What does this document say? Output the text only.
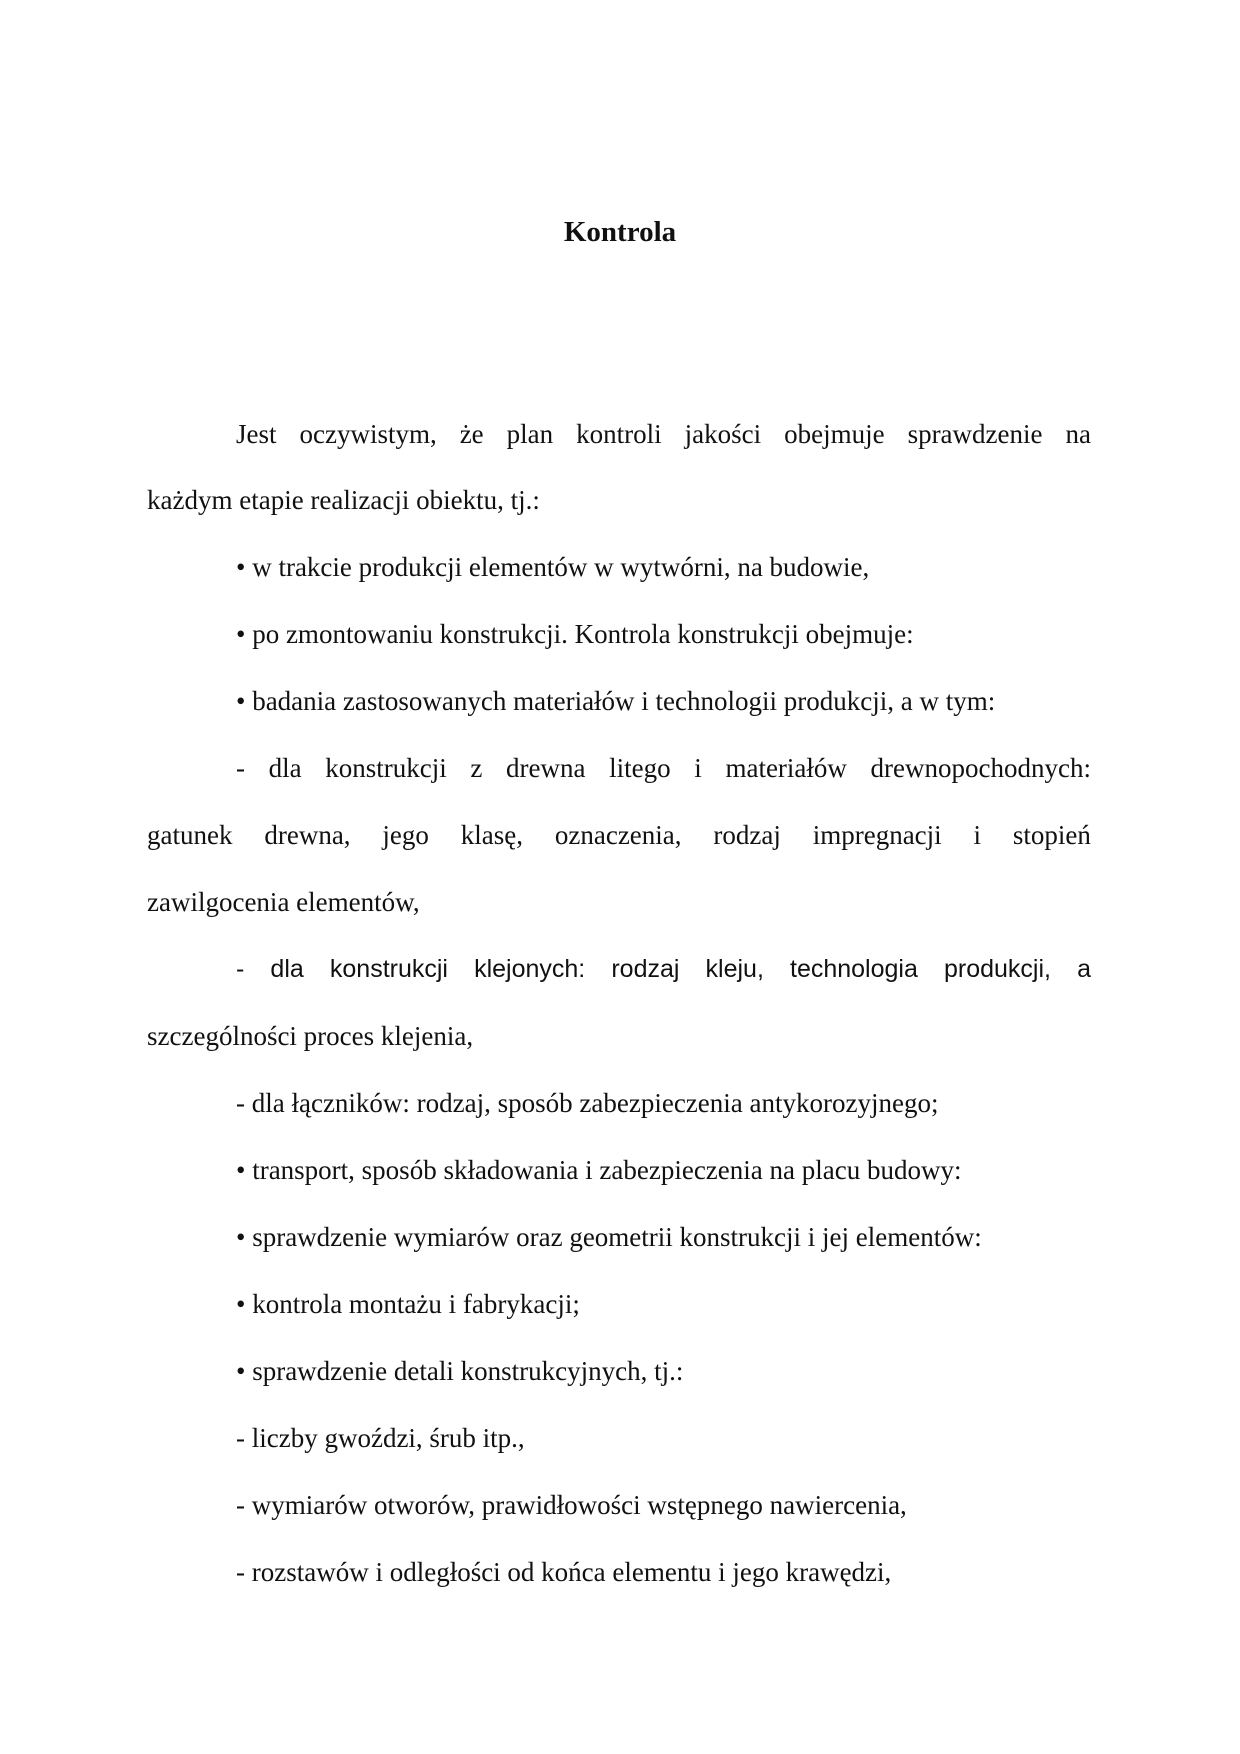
Kontrola
Jest oczywistym, że plan kontroli jakości obejmuje sprawdzenie na
każdym etapie realizacji obiektu, tj.:
• w trakcie produkcji elementów w wytwórni, na budowie,
• po zmontowaniu konstrukcji. Kontrola konstrukcji obejmuje:
• badania zastosowanych materiałów i technologii produkcji, a w tym:
- dla konstrukcji z drewna litego i materiałów drewnopochodnych:
gatunek drewna, jego klasę, oznaczenia, rodzaj impregnacji i stopień
zawilgocenia elementów,
- dla konstrukcji klejonych: rodzaj kleju, technologia produkcji, a
szczególności proces klejenia,
- dla łączników: rodzaj, sposób zabezpieczenia antykorozyjnego;
• transport, sposób składowania i zabezpieczenia na placu budowy:
• sprawdzenie wymiarów oraz geometrii konstrukcji i jej elementów:
• kontrola montażu i fabrykacji;
• sprawdzenie detali konstrukcyjnych, tj.:
- liczby gwoździ, śrub itp.,
- wymiarów otworów, prawidłowości wstępnego nawiercenia,
- rozstawów i odległości od końca elementu i jego krawędzi,
